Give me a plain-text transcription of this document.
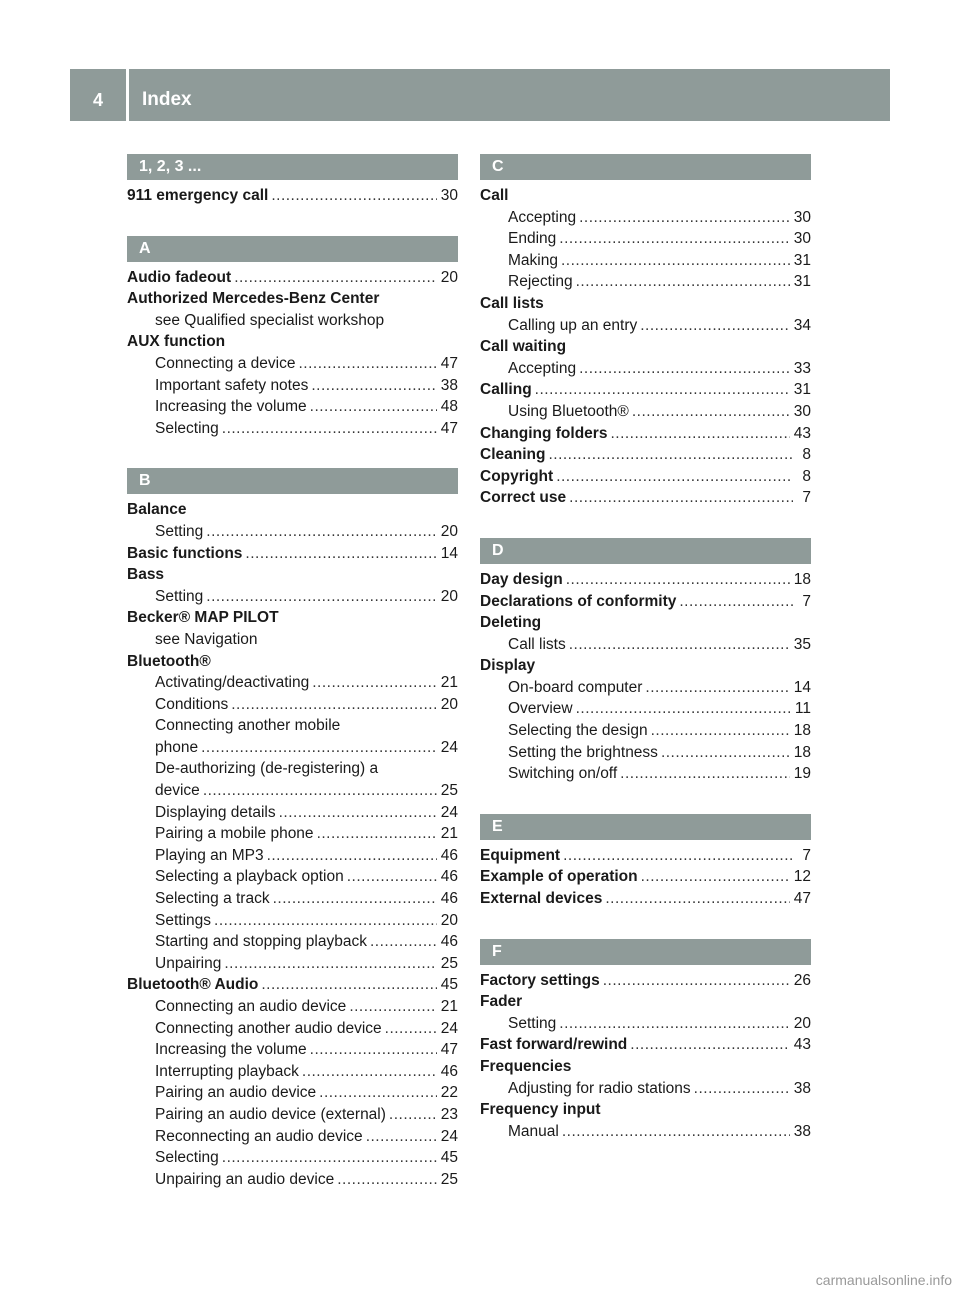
4	Index
1, 2, 3 ...
911 emergency call .....	30
A
Audio fadeout .....	20
Authorized Mercedes-Benz Center
see Qualified specialist workshop
AUX function
Connecting a device .....	47
Important safety notes .....	38
Increasing the volume .....	48
Selecting .....	47
B
Balance
Setting .....	20
Basic functions .....	14
Bass
Setting .....	20
Becker® MAP PILOT
see Navigation
Bluetooth®
Activating/deactivating .....	21
Conditions .....	20
Connecting another mobile
phone .....	24
De-authorizing (de-registering) a
device .....	25
Displaying details .....	24
Pairing a mobile phone .....	21
Playing an MP3 .....	46
Selecting a playback option .....	46
Selecting a track .....	46
Settings .....	20
Starting and stopping playback .....	46
Unpairing .....	25
Bluetooth® Audio .....	45
Connecting an audio device .....	21
Connecting another audio device .....	24
Increasing the volume .....	47
Interrupting playback .....	46
Pairing an audio device .....	22
Pairing an audio device (external) .....	23
Reconnecting an audio device .....	24
Selecting .....	45
Unpairing an audio device .....	25
C
Call
Accepting .....	30
Ending .....	30
Making .....	31
Rejecting .....	31
Call lists
Calling up an entry .....	34
Call waiting
Accepting .....	33
Calling .....	31
Using Bluetooth® .....	30
Changing folders .....	43
Cleaning .....	8
Copyright .....	8
Correct use .....	7
D
Day design .....	18
Declarations of conformity .....	7
Deleting
Call lists .....	35
Display
On-board computer .....	14
Overview .....	11
Selecting the design .....	18
Setting the brightness .....	18
Switching on/off .....	19
E
Equipment .....	7
Example of operation .....	12
External devices .....	47
F
Factory settings .....	26
Fader
Setting .....	20
Fast forward/rewind .....	43
Frequencies
Adjusting for radio stations .....	38
Frequency input
Manual .....	38
carmanualsonline.info
